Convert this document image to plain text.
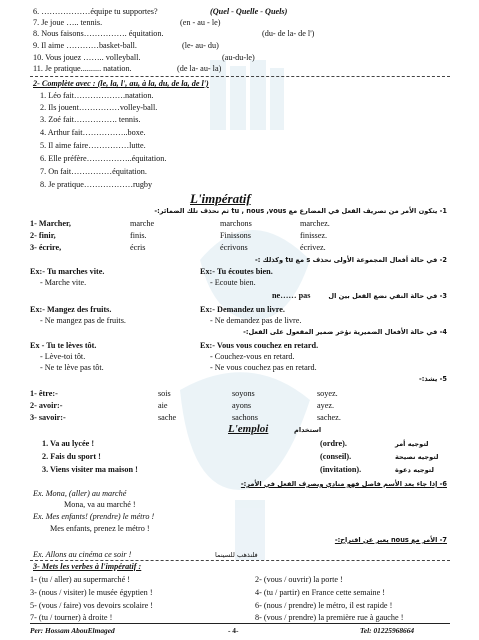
6. ………………équipe tu supportes?	(Quel - Quelle - Quels)
7. Je joue ….. tennis.	(en - au - le)
8. Nous faisons……………. équitation.	(du- de la- de l')
9. Il aime …………basket-ball.	(le- au- du)
10. Vous jouez …….. volleyball.	(au-du-le)
11. Je pratique.......... natation.	(de la- au- la)
2- Complète avec : (le, la, l', au, à la, du, de la, de l')
1. Léo fait……………….natation.
2. Ils jouent……………volley-ball.
3. Zoé fait……………. tennis.
4. Arthur fait……………..boxe.
5. Il aime faire……………lutte.
6. Elle préfère……………..équitation.
7. On fait……………équitation.
8. Je pratique………………rugby
L'impératif
1- يتكون الأمر من تصريف الفعل في المضارع مع tu , nous ,vous ثم نحذف تلك الضمائر:-
1- Marcher,	marche	marchons	marchez.
2- finir,	finis.	Finissons	finissez.
3- écrire,	écris	écrivons	écrivez.
2- في حالة أفعال المجموعة الأولى نحذف s مع tu وكذلك :-
Ex:- Tu marches vite.
- Marche vite.
Ex:- Tu écoutes bien.
- Ecoute bien.
ne…… pas	3- في حالة النفي نضع الفعل بين ال
Ex:- Mangez des fruits.
- Ne mangez pas de fruits.
Ex:- Demandez un livre.
- Ne demandez pas de livre.
4- في حالة الأفعال الضميرية نؤخر ضمير المفعول على الفعل:-
Ex - Tu te lèves tôt.
- Lève-toi tôt.
- Ne te lève pas tôt.
Ex:- Vous vous couchez en retard.
- Couchez-vous en retard.
- Ne vous couchez pas en retard.
5- يشذ:-
1- être:-	sois	soyons	soyez.
2- avoir:-	aie	ayons	ayez.
3- savoir:-	sache	sachons	sachez.
L'emploi	استخدام
1. Va au lycée !	(ordre).	لتوجيه أمر
2. Fais du sport !	(conseil).	لتوجيه نصيحة
3. Viens visiter ma maison !	(invitation).	لتوجيه دعوة
6- إذا جاء بعد الأسم فاصل فهو منادي ويصرف الفعل في الأمر:-
Ex. Mona, (aller) au marché
Mona, va au marché !
Ex. Mes enfants! (prendre) le métro !
Mes enfants, prenez le métro !
7- الأمر مع nous يعبر عن اقتراح:-
Ex. Allons au cinéma ce soir !	فلنذهب للسينما
3- Mets les verbes à l'impératif :
1- (tu / aller) au supermarché !
3- (nous / visiter) le musée égyptien !
5- (vous / faire) vos devoirs scolaire !
7- (tu / tourner) à droite !
2- (vous / ouvrir) la porte !
4- (tu / partir) en France cette semaine !
6- (nous / prendre) le métro, il est rapide !
8- (vous / prendre) la première rue à gauche !
Per: Hossam AbouElmaged	- 4-	Tel: 01225968664
